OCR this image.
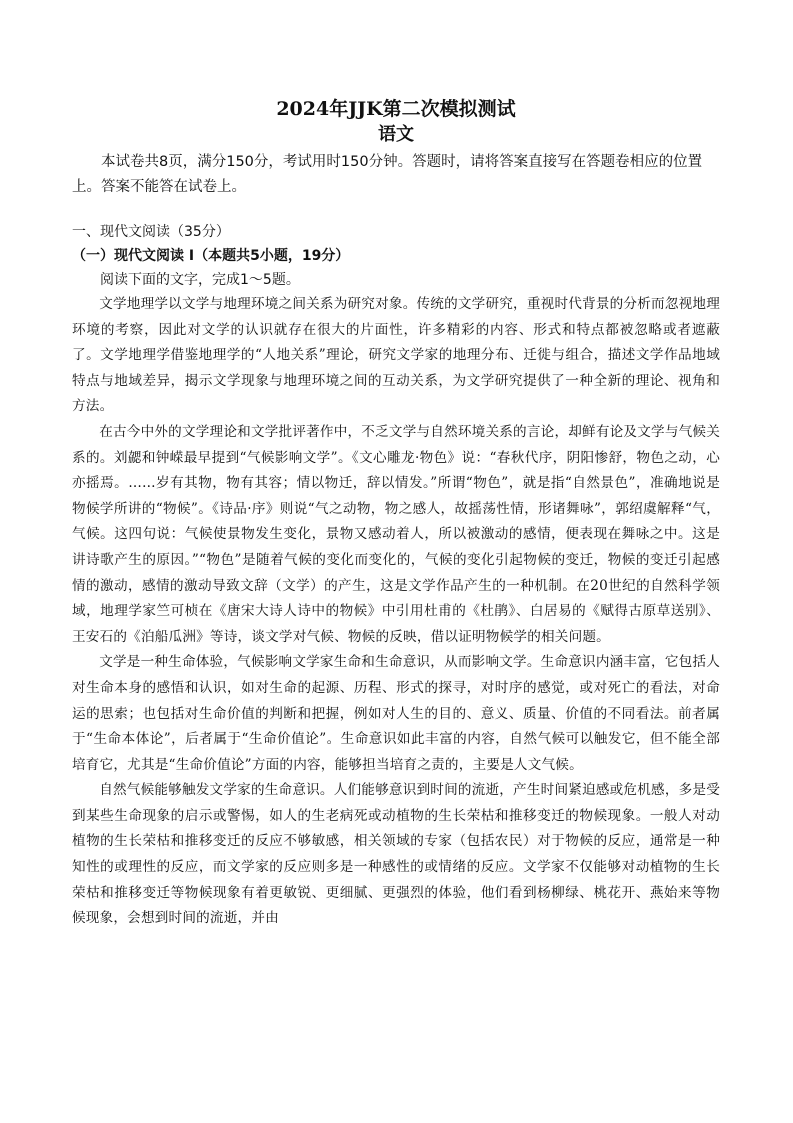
2024年JJK第二次模拟测试
语文

本试卷共8页，满分150分，考试用时150分钟。答题时，请将答案直接写在答题卷相应的位置上。答案不能答在试卷上。

一、现代文阅读（35分）
（一）现代文阅读 I（本题共5小题，19分）

阅读下面的文字，完成1～5题。

文学地理学以文学与地理环境之间关系为研究对象。传统的文学研究，重视时代背景的分析而忽视地理环境的考察，因此对文学的认识就存在很大的片面性，许多精彩的内容、形式和特点都被忽略或者遮蔽了。文学地理学借鉴地理学的“人地关系”理论，研究文学家的地理分布、迁徙与组合，描述文学作品地域特点与地域差异，揭示文学现象与地理环境之间的互动关系，为文学研究提供了一种全新的理论、视角和方法。

在古今中外的文学理论和文学批评著作中，不乏文学与自然环境关系的言论，却鲜有论及文学与气候关系的。刘勰和钟嵘最早提到“气候影响文学”。《文心雕龙·物色》说：“春秋代序，阴阳惨舒，物色之动，心亦摇焉。……岁有其物，物有其容；情以物迁，辞以情发。”所谓“物色”，就是指“自然景色”，准确地说是物候学所讲的“物候”。《诗品·序》则说“气之动物，物之感人，故摇荡性情，形诸舞咏”，郭绍虞解释“气，气候。这四句说：气候使景物发生变化，景物又感动着人，所以被激动的感情，便表现在舞咏之中。这是讲诗歌产生的原因。”“物色”是随着气候的变化而变化的，气候的变化引起物候的变迁，物候的变迁引起感情的激动，感情的激动导致文辞（文学）的产生，这是文学作品产生的一种机制。在20世纪的自然科学领域，地理学家竺可桢在《唐宋大诗人诗中的物候》中引用杜甫的《杜鹃》、白居易的《赋得古原草送别》、王安石的《泊船瓜洲》等诗，谈文学对气候、物候的反映，借以证明物候学的相关问题。

文学是一种生命体验，气候影响文学家生命和生命意识，从而影响文学。生命意识内涵丰富，它包括人对生命本身的感悟和认识，如对生命的起源、历程、形式的探寻，对时序的感觉，或对死亡的看法，对命运的思索；也包括对生命价值的判断和把握，例如对人生的目的、意义、质量、价值的不同看法。前者属于“生命本体论”，后者属于“生命价值论”。生命意识如此丰富的内容，自然气候可以触发它，但不能全部培育它，尤其是“生命价值论”方面的内容，能够担当培育之责的，主要是人文气候。

自然气候能够触发文学家的生命意识。人们能够意识到时间的流逝，产生时间紧迫感或危机感，多是受到某些生命现象的启示或警惕，如人的生老病死或动植物的生长荣枯和推移变迁的物候现象。一般人对动植物的生长荣枯和推移变迁的反应不够敏感，相关领域的专家（包括农民）对于物候的反应，通常是一种知性的或理性的反应，而文学家的反应则多是一种感性的或情绪的反应。文学家不仅能够对动植物的生长荣枯和推移变迁等物候现象有着更敏锐、更细腻、更强烈的体验，他们看到杨柳绿、桃花开、燕始来等物候现象，会想到时间的流逝，并由
